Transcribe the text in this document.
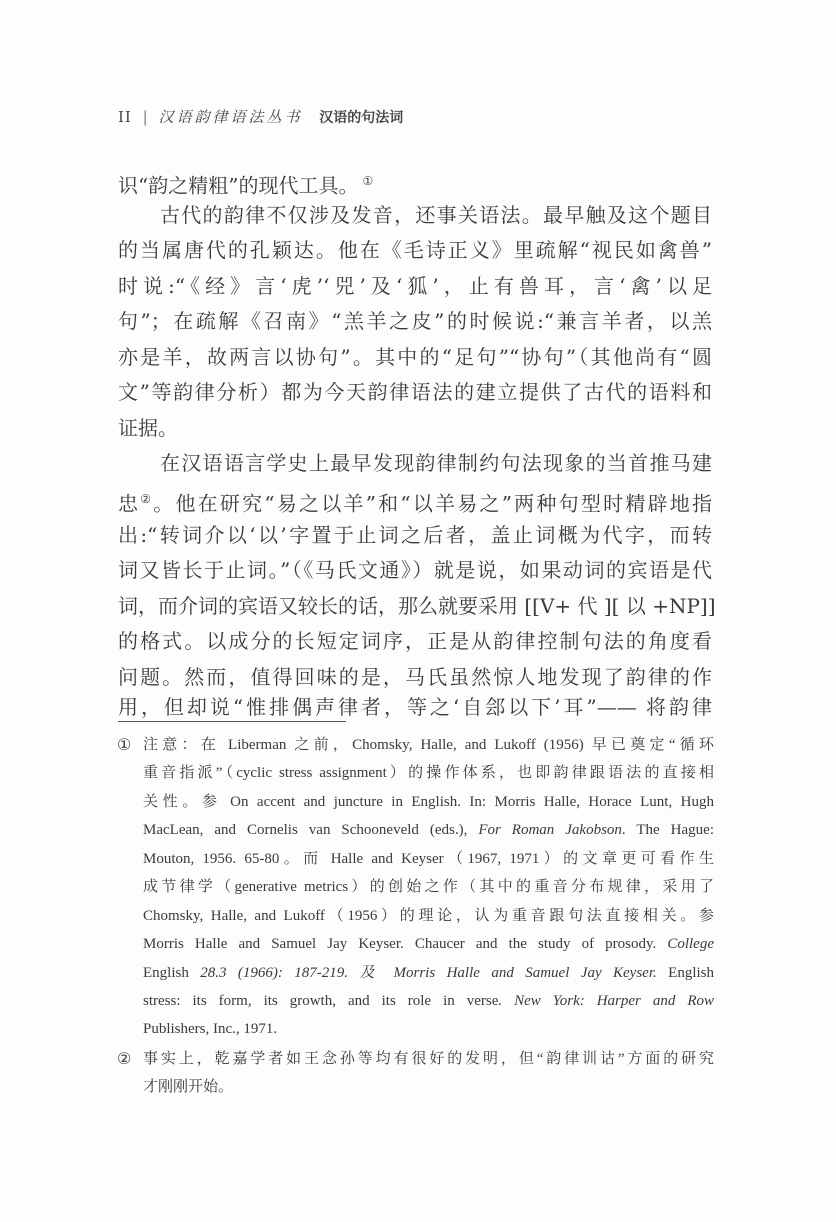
II | 汉语韵律语法丛书 汉语的句法词
识“韵之精粗”的现代工具。 ①
古代的韵律不仅涉及发音，还事关语法。最早触及这个题目
的当属唐代的孔颖达。他在《毛诗正义》里疏解“视民如禽兽”
时说:“《经》言‘虎’‘兕’及‘狐’，止有兽耳，言‘禽’以足
句”；在疏解《召南》“羔羊之皮”的时候说:“兼言羊者，以羔
亦是羊，故两言以协句”。其中的“足句”“协句”（其他尚有“圆
文”等韵律分析）都为今天韵律语法的建立提供了古代的语料和
证据。
在汉语语言学史上最早发现韵律制约句法现象的当首推马建
忠②。他在研究“易之以羊”和“以羊易之”两种句型时精辟地指
出:“转词介以‘以’字置于止词之后者，盖止词概为代字，而转
词又皆长于止词。”（《马氏文通》）就是说，如果动词的宾语是代
词，而介词的宾语又较长的话，那么就要采用 [[V+ 代 ][ 以 +NP]]
的格式。以成分的长短定词序，正是从韵律控制句法的角度看
问题。然而，值得回味的是，马氏虽然惊人地发现了韵律的作
用，但却说“惟排偶声律者，等之‘自郐以下’耳”—— 将韵律
① 注意：在 Liberman 之前，Chomsky, Halle, and Lukoff (1956) 早已奠定“循环
重音指派”（cyclic stress assignment）的操作体系，也即韵律跟语法的直接相
关性。参 On accent and juncture in English. In: Morris Halle, Horace Lunt, Hugh
MacLean, and Cornelis van Schooneveld (eds.), For Roman Jakobson. The Hague:
Mouton, 1956. 65-80。而 Halle and Keyser（1967, 1971）的文章更可看作生
成节律学（generative metrics）的创始之作（其中的重音分布规律，采用了
Chomsky, Halle, and Lukoff（1956）的理论，认为重音跟句法直接相关。参
Morris Halle and Samuel Jay Keyser. Chaucer and the study of prosody. College
English 28.3 (1966): 187-219. 及 Morris Halle and Samuel Jay Keyser. English
stress: its form, its growth, and its role in verse. New York: Harper and Row
Publishers, Inc., 1971.
② 事实上，乾嘉学者如王念孙等均有很好的发明，但“韵律训诂”方面的研究
才刚刚开始。
